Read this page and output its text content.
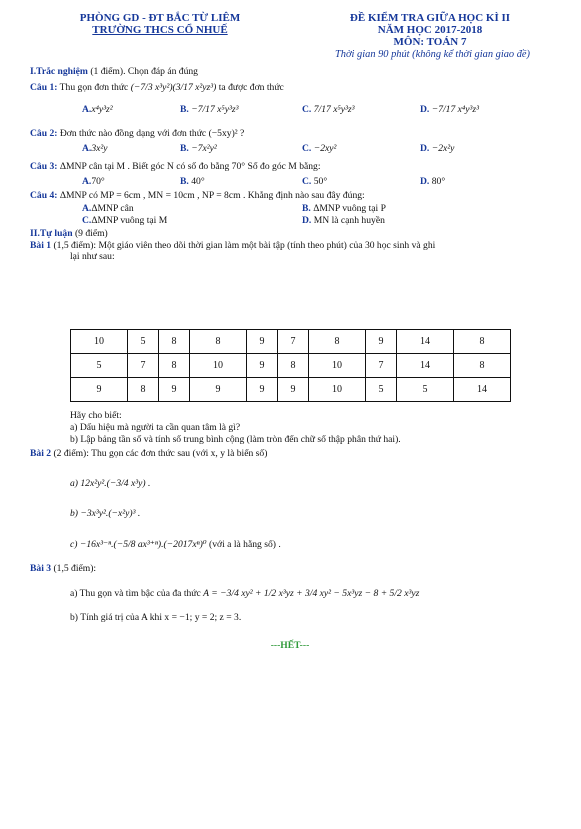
PHÒNG GD - ĐT BẮC TỪ LIÊM
TRƯỜNG THCS CỔ NHUẾ
ĐỀ KIỂM TRA GIỮA HỌC KÌ II
NĂM HỌC 2017-2018
MÔN: TOÁN 7
Thời gian 90 phút (không kể thời gian giao đề)
I.Trắc nghiệm (1 điểm). Chọn đáp án đúng
Câu 1: Thu gọn đơn thức (−7/3 x³y²)(3/17 x²yz³) ta được đơn thức
A.x⁴y³z²	B. −7/17 x⁵y³z³	C. 7/17 x⁵y³z³	D. −7/17 x⁴y³z³
Câu 2: Đơn thức nào đồng dạng với đơn thức (−5xy)² ?
A.3x²y	B. −7x²y²	C. −2xy²	D. −2x²y
Câu 3: ΔMNP cân tại M . Biết góc N có số đo bằng 70° Số đo góc M bằng:
A.70°	B. 40°	C. 50°	D. 80°
Câu 4: ΔMNP có MP = 6cm , MN = 10cm , NP = 8cm . Khẳng định nào sau đây đúng:
A.ΔMNP cân	B. ΔMNP vuông tại P
C.ΔMNP vuông tại M	D. MN là cạnh huyền
II.Tự luận (9 điểm)
Bài 1 (1,5 điểm): Một giáo viên theo dõi thời gian làm một bài tập (tính theo phút) của 30 học sinh và ghi
lại như sau:
10	5	8	8	9	7	8	9	14	8
5	7	8	10	9	8	10	7	14	8
9	8	9	9	9	9	10	5	5	14
Hãy cho biết:
a) Dấu hiệu mà người ta cần quan tâm là gì?
b) Lập bảng tần số và tính số trung bình cộng (làm tròn đến chữ số thập phân thứ hai).
Bài 2 (2 điểm): Thu gọn các đơn thức sau (với x, y là biến số)
a) 12x²y².(−3/4 x³y) .
b) −3x³y².(−x²y)³ .
c) −16x³⁻ⁿ.(−5/8 ax³⁺ⁿ).(−2017xⁿ)⁰ (với a là hằng số) .
Bài 3 (1,5 điểm):
a) Thu gọn và tìm bậc của đa thức A = −3/4 xy² + 1/2 x³yz + 3/4 xy² − 5x³yz − 8 + 5/2 x³yz
b) Tính giá trị của A khi x = −1; y = 2; z = 3.
---HẾT---
